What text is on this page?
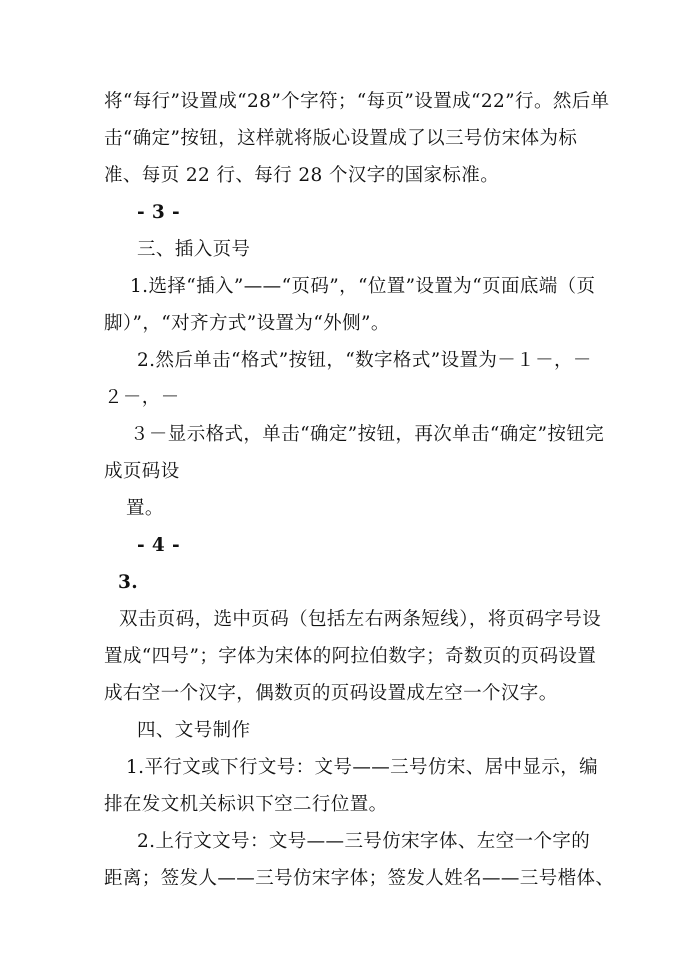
将“每行”设置成“28”个字符；“每页”设置成“22”行。然后单
击“确定”按钮，这样就将版心设置成了以三号仿宋体为标
准、每页 22 行、每行 28 个汉字的国家标准。
- 3 -
三、插入页号
1.选择“插入”——“页码”，“位置”设置为“页面底端（页
脚）”，“对齐方式”设置为“外侧”。
2.然后单击“格式”按钮，“数字格式”设置为－１－，－
２－，－
３－显示格式，单击“确定”按钮，再次单击“确定”按钮完
成页码设
置。
- 4 -
3.
双击页码，选中页码（包括左右两条短线），将页码字号设
置成“四号”；字体为宋体的阿拉伯数字；奇数页的页码设置
成右空一个汉字，偶数页的页码设置成左空一个汉字。
四、文号制作
1.平行文或下行文号：文号——三号仿宋、居中显示，编
排在发文机关标识下空二行位置。
2.上行文文号：文号——三号仿宋字体、左空一个字的
距离；签发人——三号仿宋字体；签发人姓名——三号楷体、
